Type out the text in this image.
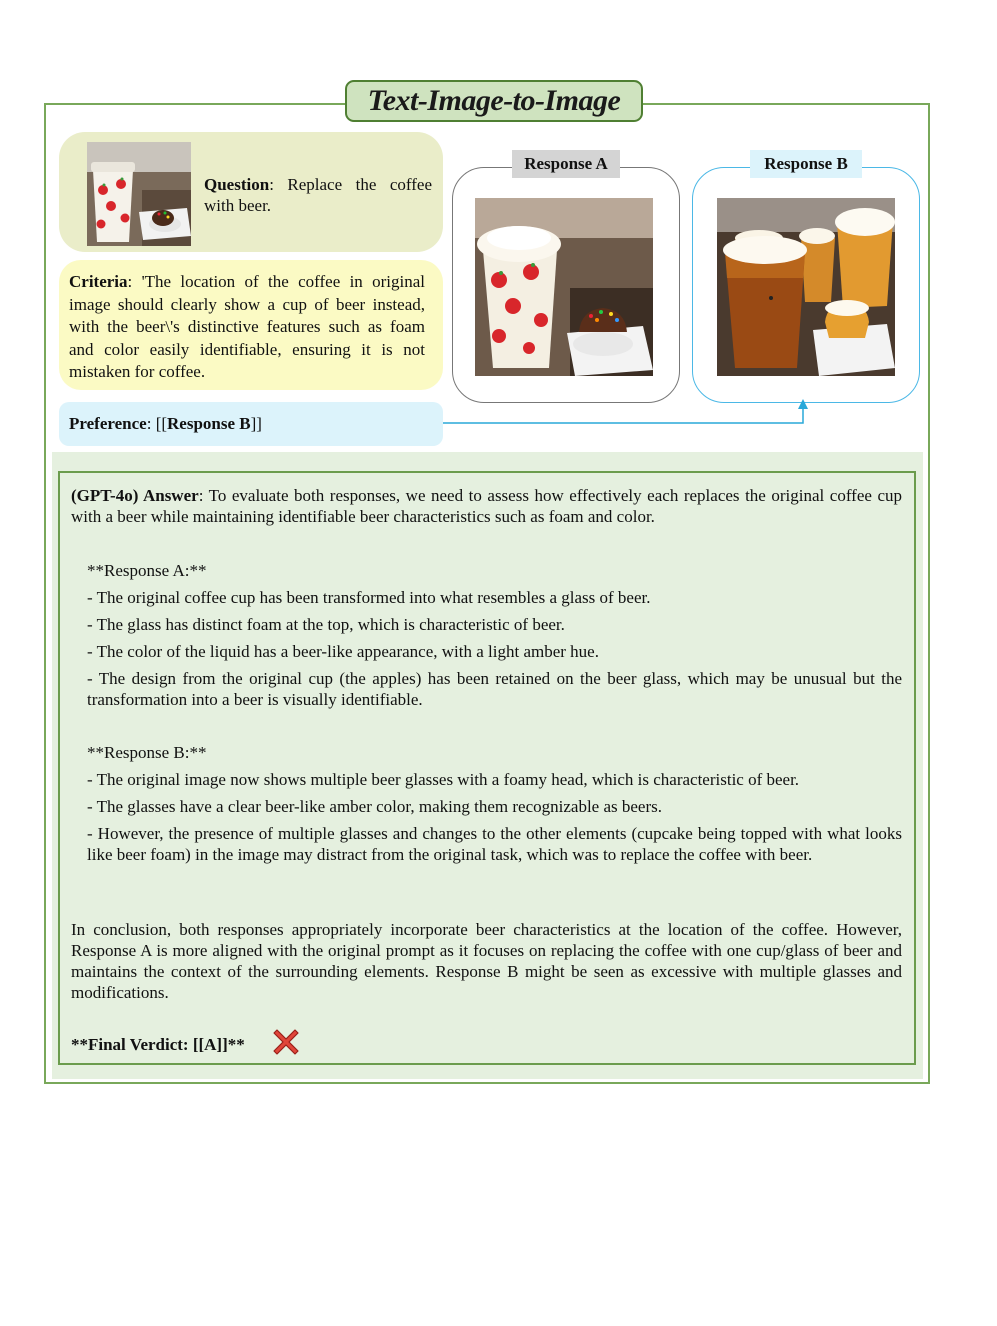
Text-Image-to-Image
Question: Replace the coffee with beer.
Criteria: 'The location of the coffee in original image should clearly show a cup of beer instead, with the beer\'s distinctive features such as foam and color easily identifiable, ensuring it is not mistaken for coffee.
Preference: [[Response B]]
Response A	Response B
(GPT-4o) Answer: To evaluate both responses, we need to assess how effectively each replaces the original coffee cup with a beer while maintaining identifiable beer characteristics such as foam and color.
**Response A:**
- The original coffee cup has been transformed into what resembles a glass of beer.
- The glass has distinct foam at the top, which is characteristic of beer.
- The color of the liquid has a beer-like appearance, with a light amber hue.
- The design from the original cup (the apples) has been retained on the beer glass, which may be unusual but the transformation into a beer is visually identifiable.
**Response B:**
- The original image now shows multiple beer glasses with a foamy head, which is characteristic of beer.
- The glasses have a clear beer-like amber color, making them recognizable as beers.
- However, the presence of multiple glasses and changes to the other elements (cupcake being topped with what looks like beer foam) in the image may distract from the original task, which was to replace the coffee with beer.
In conclusion, both responses appropriately incorporate beer characteristics at the location of the coffee. However, Response A is more aligned with the original prompt as it focuses on replacing the coffee with one cup/glass of beer and maintains the context of the surrounding elements. Response B might be seen as excessive with multiple glasses and modifications.
**Final Verdict: [[A]]**
